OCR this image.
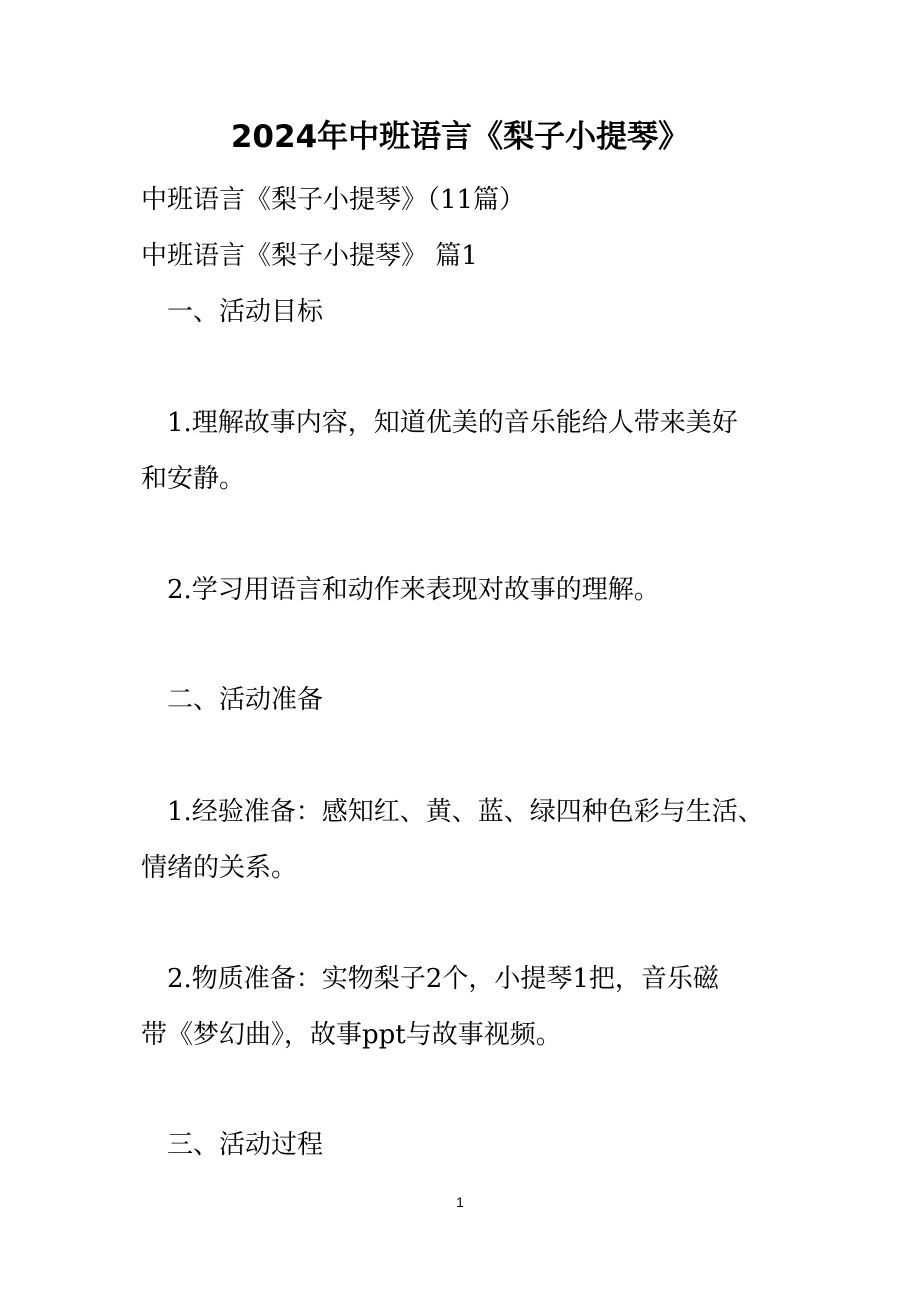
2024年中班语言《梨子小提琴》
中班语言《梨子小提琴》（11篇）
中班语言《梨子小提琴》 篇1
一、活动目标
1.理解故事内容，知道优美的音乐能给人带来美好
和安静。
2.学习用语言和动作来表现对故事的理解。
二、活动准备
1.经验准备：感知红、黄、蓝、绿四种色彩与生活、
情绪的关系。
2.物质准备：实物梨子2个，小提琴1把，音乐磁
带《梦幻曲》，故事ppt与故事视频。
三、活动过程
1
